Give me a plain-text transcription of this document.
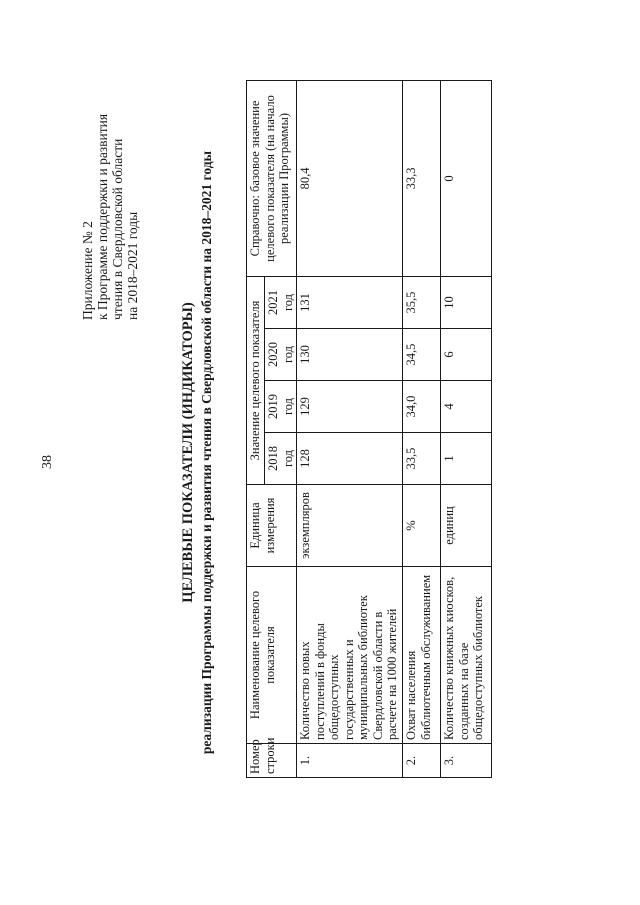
38
Приложение № 2 к Программе поддержки и развития чтения в Свердловской области на 2018–2021 годы
ЦЕЛЕВЫЕ ПОКАЗАТЕЛИ (ИНДИКАТОРЫ) реализации Программы поддержки и развития чтения в Свердловской области на 2018–2021 годы
Номер строки	Наименование целевого показателя	Единица измерения	Значение целевого показателя				Справочно: базовое значение целевого показателя (на начало реализации Программы)
			2018 год	2019 год	2020 год	2021 год	
1.	Количество новых поступлений в фонды общедоступных государственных и муниципальных библиотек Свердловской области в расчете на 1000 жителей	экземпляров	128	129	130	131	80,4
2.	Охват населения библиотечным обслуживанием	%	33,5	34,0	34,5	35,5	33,3
3.	Количество книжных киосков, созданных на базе общедоступных библиотек	единиц	1	4	6	10	0
